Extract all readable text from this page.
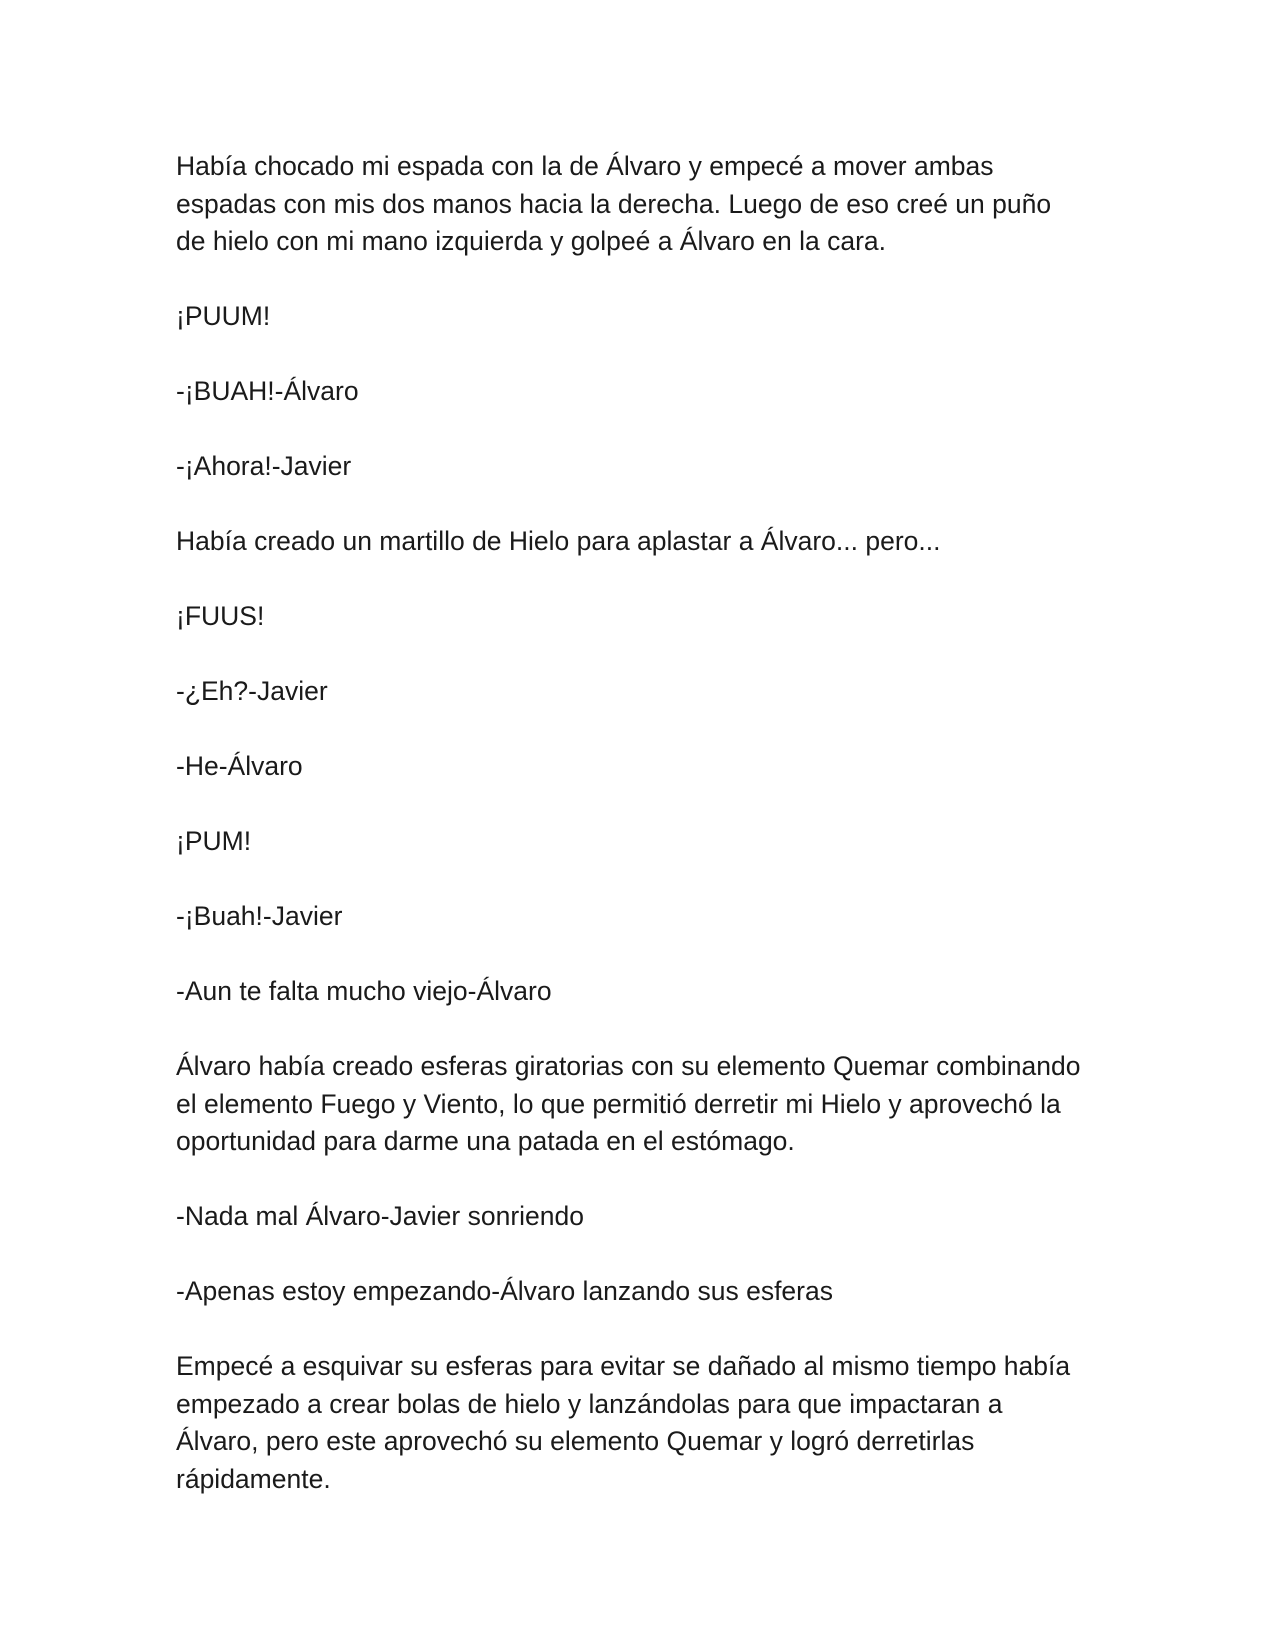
Había chocado mi espada con la de Álvaro y empecé a mover ambas espadas con mis dos manos hacia la derecha. Luego de eso creé un puño de hielo con mi mano izquierda y golpeé a Álvaro en la cara.

¡PUUM!

-¡BUAH!-Álvaro

-¡Ahora!-Javier

Había creado un martillo de Hielo para aplastar a Álvaro... pero...

¡FUUS!

-¿Eh?-Javier

-He-Álvaro

¡PUM!

-¡Buah!-Javier

-Aun te falta mucho viejo-Álvaro

Álvaro había creado esferas giratorias con su elemento Quemar combinando el elemento Fuego y Viento, lo que permitió derretir mi Hielo y aprovechó la oportunidad para darme una patada en el estómago.

-Nada mal Álvaro-Javier sonriendo

-Apenas estoy empezando-Álvaro lanzando sus esferas

Empecé a esquivar su esferas para evitar se dañado al mismo tiempo había empezado a crear bolas de hielo y lanzándolas para que impactaran a Álvaro, pero este aprovechó su elemento Quemar y logró derretirlas rápidamente.
